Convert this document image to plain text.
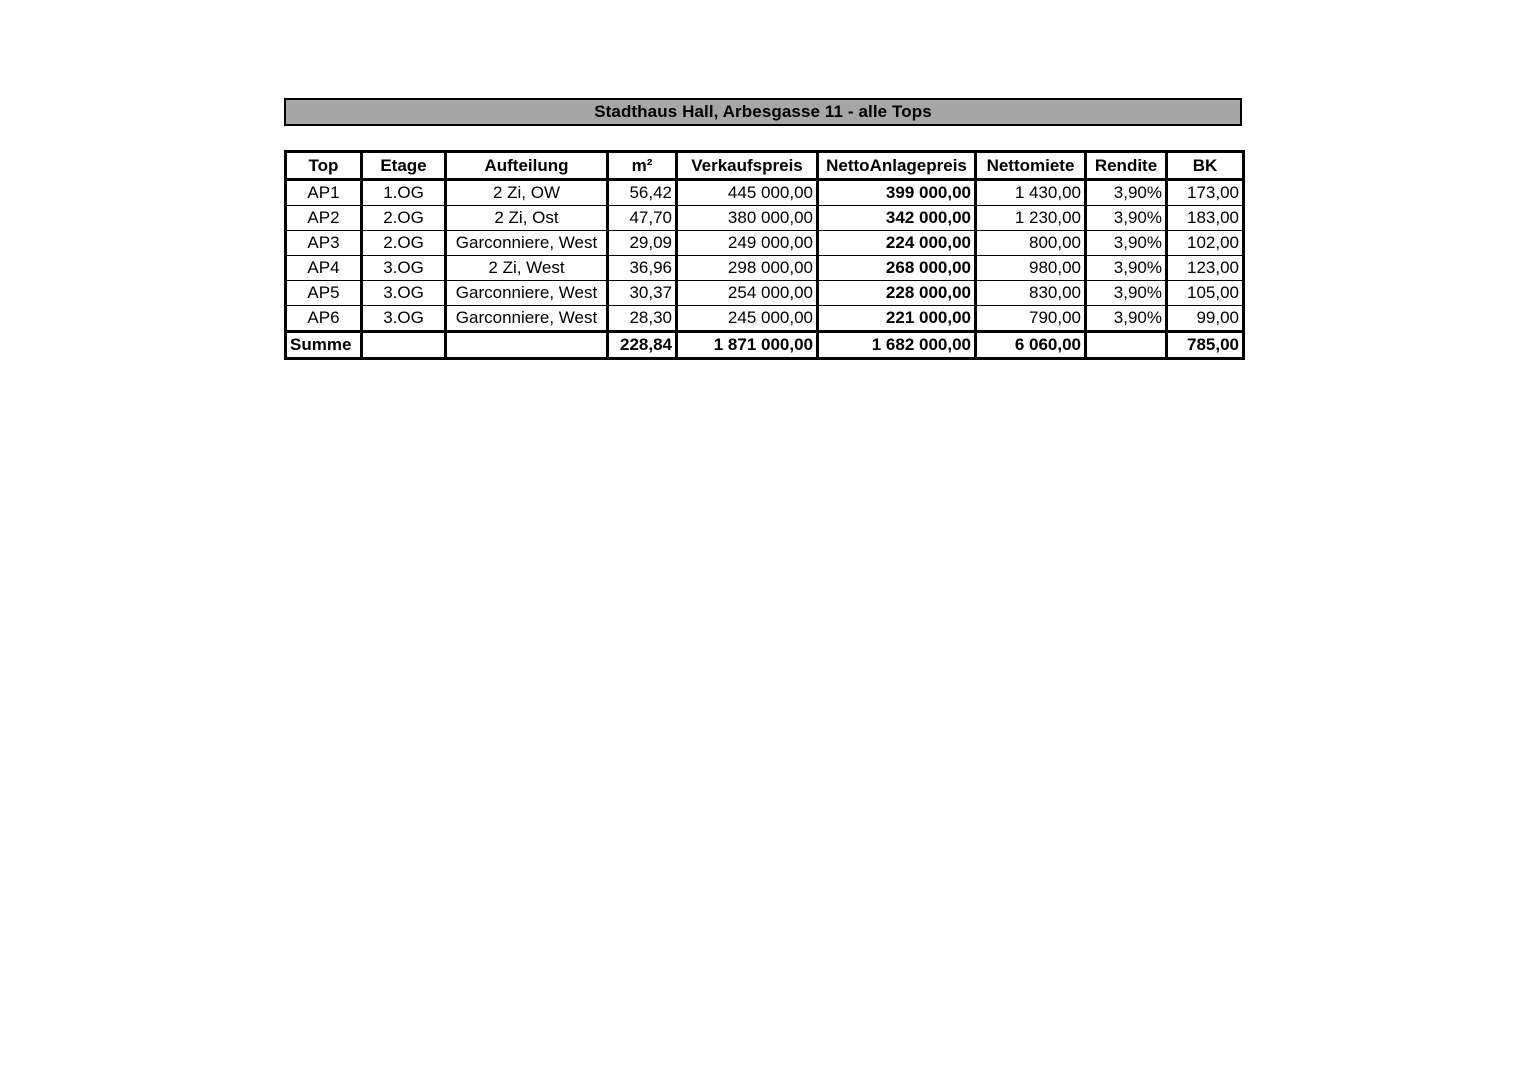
Stadthaus Hall, Arbesgasse 11 - alle Tops
Top	Etage	Aufteilung	m²	Verkaufspreis	NettoAnlagepreis	Nettomiete	Rendite	BK
AP1	1.OG	2 Zi, OW	56,42	445 000,00	399 000,00	1 430,00	3,90%	173,00
AP2	2.OG	2 Zi, Ost	47,70	380 000,00	342 000,00	1 230,00	3,90%	183,00
AP3	2.OG	Garconniere, West	29,09	249 000,00	224 000,00	800,00	3,90%	102,00
AP4	3.OG	2 Zi, West	36,96	298 000,00	268 000,00	980,00	3,90%	123,00
AP5	3.OG	Garconniere, West	30,37	254 000,00	228 000,00	830,00	3,90%	105,00
AP6	3.OG	Garconniere, West	28,30	245 000,00	221 000,00	790,00	3,90%	99,00
Summe			228,84	1 871 000,00	1 682 000,00	6 060,00		785,00
